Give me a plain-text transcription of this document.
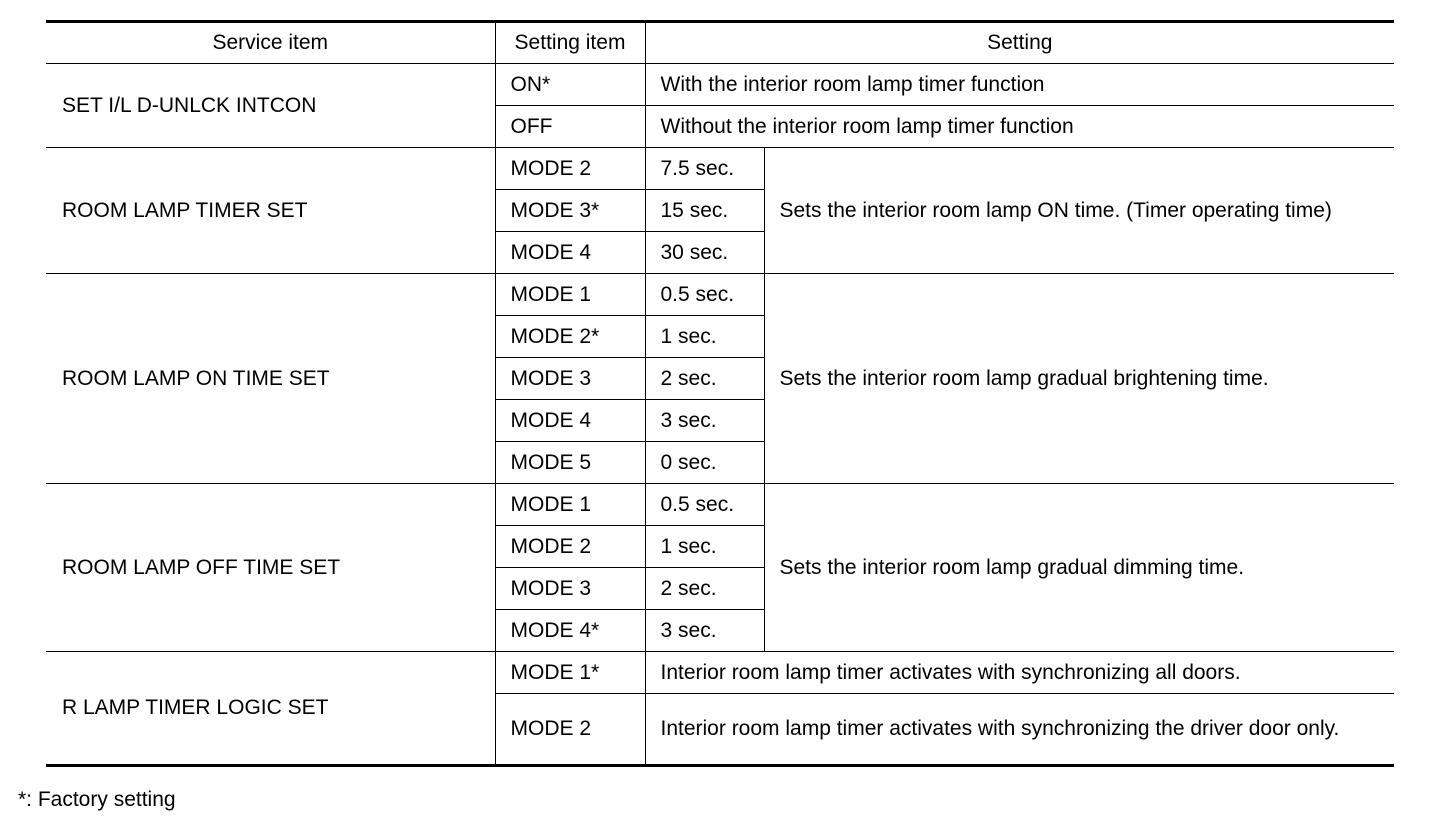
Service item	Setting item	Setting	
SET I/L D-UNLCK INTCON	ON*	With the interior room lamp timer function	
	OFF	Without the interior room lamp timer function	
ROOM LAMP TIMER SET	MODE 2	7.5 sec.	Sets the interior room lamp ON time. (Timer operating time)
	MODE 3*	15 sec.	
	MODE 4	30 sec.	
ROOM LAMP ON TIME SET	MODE 1	0.5 sec.	Sets the interior room lamp gradual brightening time.
	MODE 2*	1 sec.	
	MODE 3	2 sec.	
	MODE 4	3 sec.	
	MODE 5	0 sec.	
ROOM LAMP OFF TIME SET	MODE 1	0.5 sec.	Sets the interior room lamp gradual dimming time.
	MODE 2	1 sec.	
	MODE 3	2 sec.	
	MODE 4*	3 sec.	
R LAMP TIMER LOGIC SET	MODE 1*	Interior room lamp timer activates with synchronizing all doors.	
	MODE 2	Interior room lamp timer activates with synchronizing the driver door only.	
*: Factory setting
